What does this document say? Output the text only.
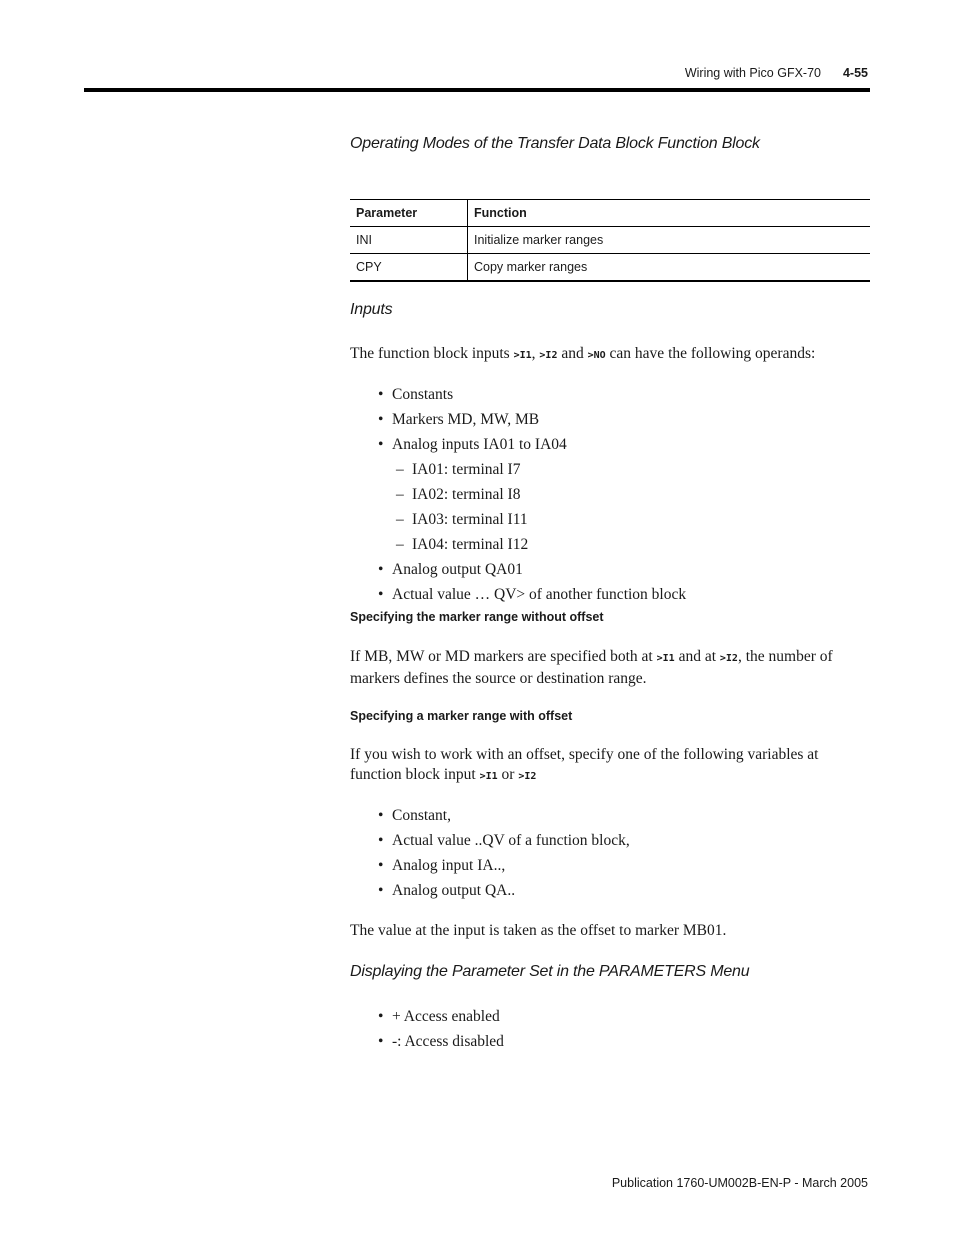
Wiring with Pico GFX-70 4-55
Operating Modes of the Transfer Data Block Function Block
Parameter	Function
INI	Initialize marker ranges
CPY	Copy marker ranges
Inputs
The function block inputs >I1, >I2 and >NO can have the following operands:
• Constants
• Markers MD, MW, MB
• Analog inputs IA01 to IA04
– IA01: terminal I7
– IA02: terminal I8
– IA03: terminal I11
– IA04: terminal I12
• Analog output QA01
• Actual value … QV> of another function block
Specifying the marker range without offset
If MB, MW or MD markers are specified both at >I1 and at >I2, the number of markers defines the source or destination range.
Specifying a marker range with offset
If you wish to work with an offset, specify one of the following variables at function block input >I1 or >I2
• Constant,
• Actual value ..QV of a function block,
• Analog input IA..,
• Analog output QA..
The value at the input is taken as the offset to marker MB01.
Displaying the Parameter Set in the PARAMETERS Menu
• + Access enabled
• -: Access disabled
Publication 1760-UM002B-EN-P - March 2005
